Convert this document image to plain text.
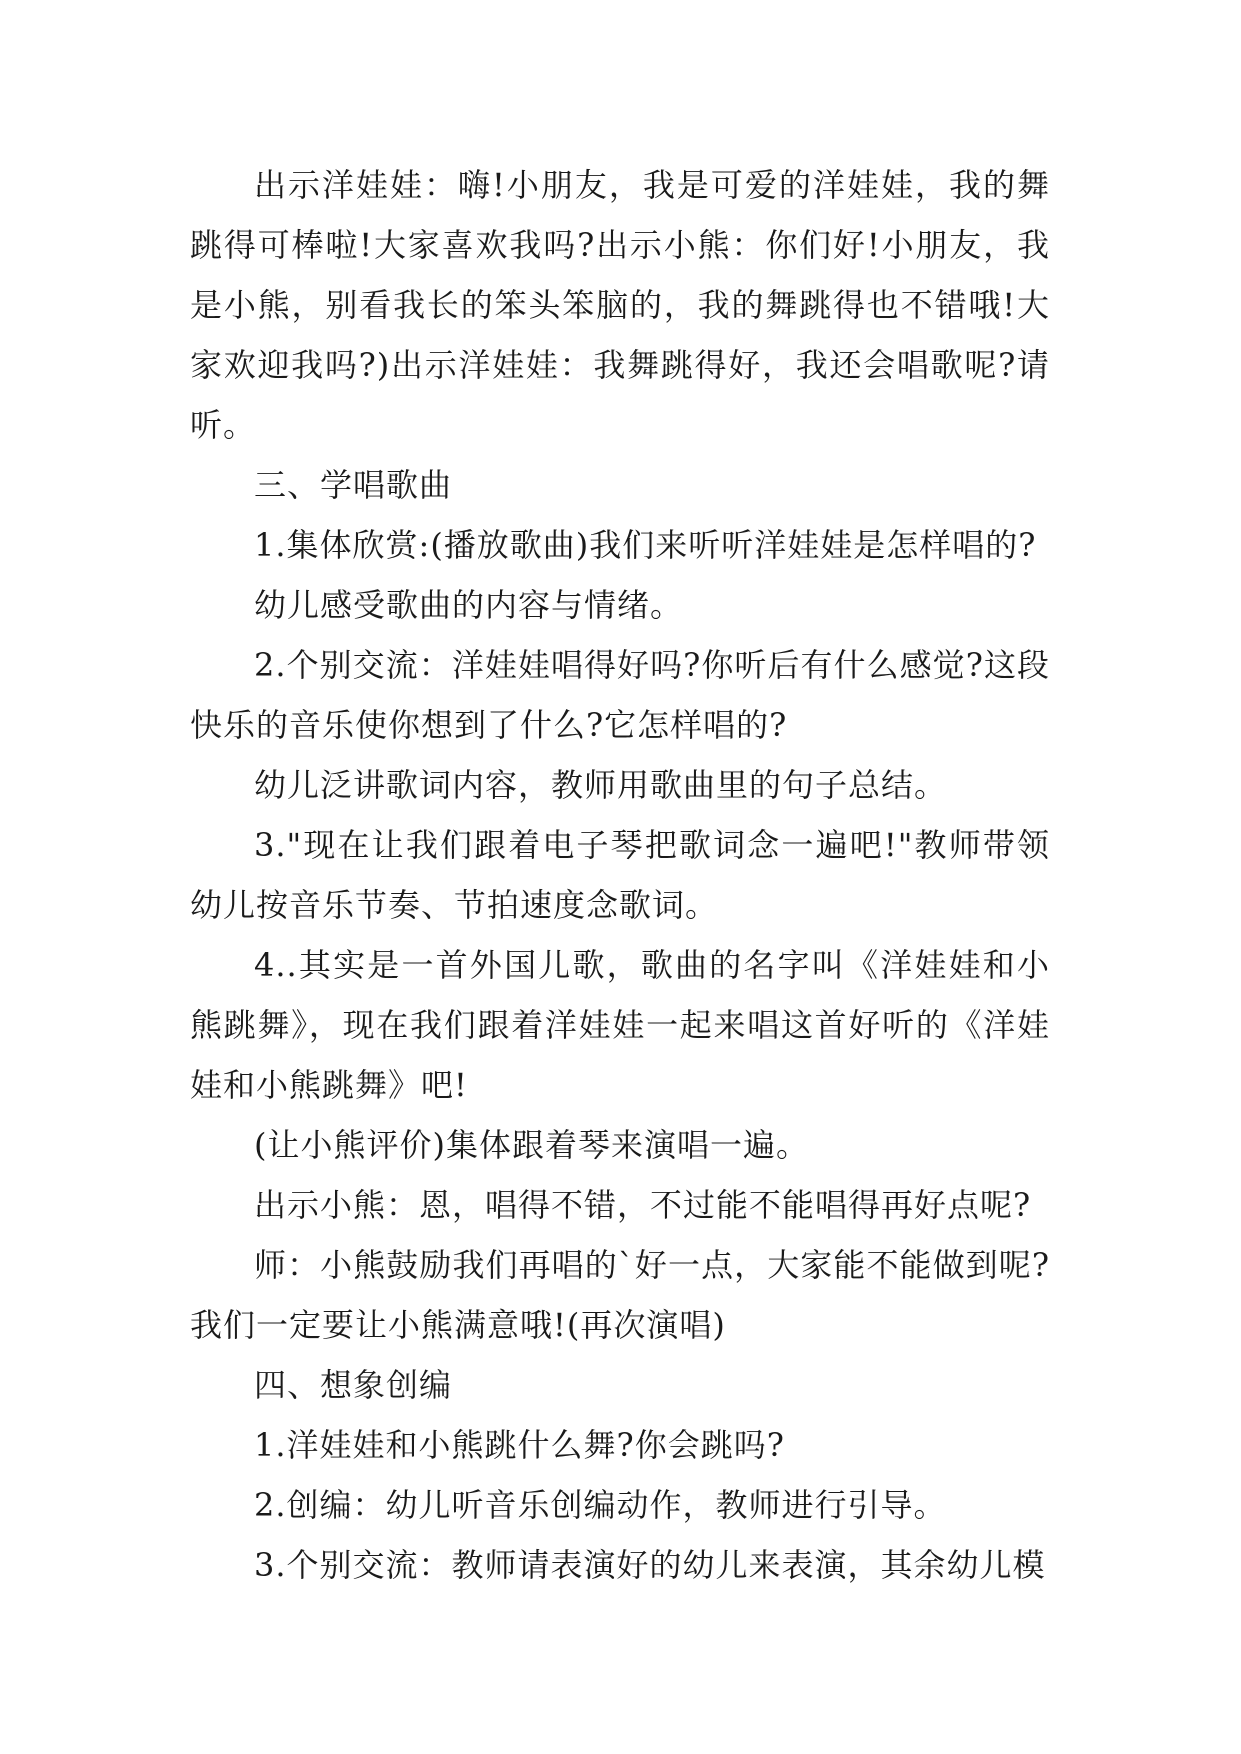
出示洋娃娃：嗨!小朋友，我是可爱的洋娃娃，我的舞跳得可棒啦!大家喜欢我吗?出示小熊：你们好!小朋友，我是小熊，别看我长的笨头笨脑的，我的舞跳得也不错哦!大家欢迎我吗?)出示洋娃娃：我舞跳得好，我还会唱歌呢?请听。

三、学唱歌曲

1.集体欣赏:(播放歌曲)我们来听听洋娃娃是怎样唱的?

幼儿感受歌曲的内容与情绪。

2.个别交流：洋娃娃唱得好吗?你听后有什么感觉?这段快乐的音乐使你想到了什么?它怎样唱的?

幼儿泛讲歌词内容，教师用歌曲里的句子总结。

3."现在让我们跟着电子琴把歌词念一遍吧!"教师带领幼儿按音乐节奏、节拍速度念歌词。

4..其实是一首外国儿歌，歌曲的名字叫《洋娃娃和小熊跳舞》，现在我们跟着洋娃娃一起来唱这首好听的《洋娃娃和小熊跳舞》吧!

(让小熊评价)集体跟着琴来演唱一遍。

出示小熊：恩，唱得不错，不过能不能唱得再好点呢?

师：小熊鼓励我们再唱的`好一点，大家能不能做到呢?我们一定要让小熊满意哦!(再次演唱)

四、想象创编

1.洋娃娃和小熊跳什么舞?你会跳吗?

2.创编：幼儿听音乐创编动作，教师进行引导。

3.个别交流：教师请表演好的幼儿来表演，其余幼儿模
